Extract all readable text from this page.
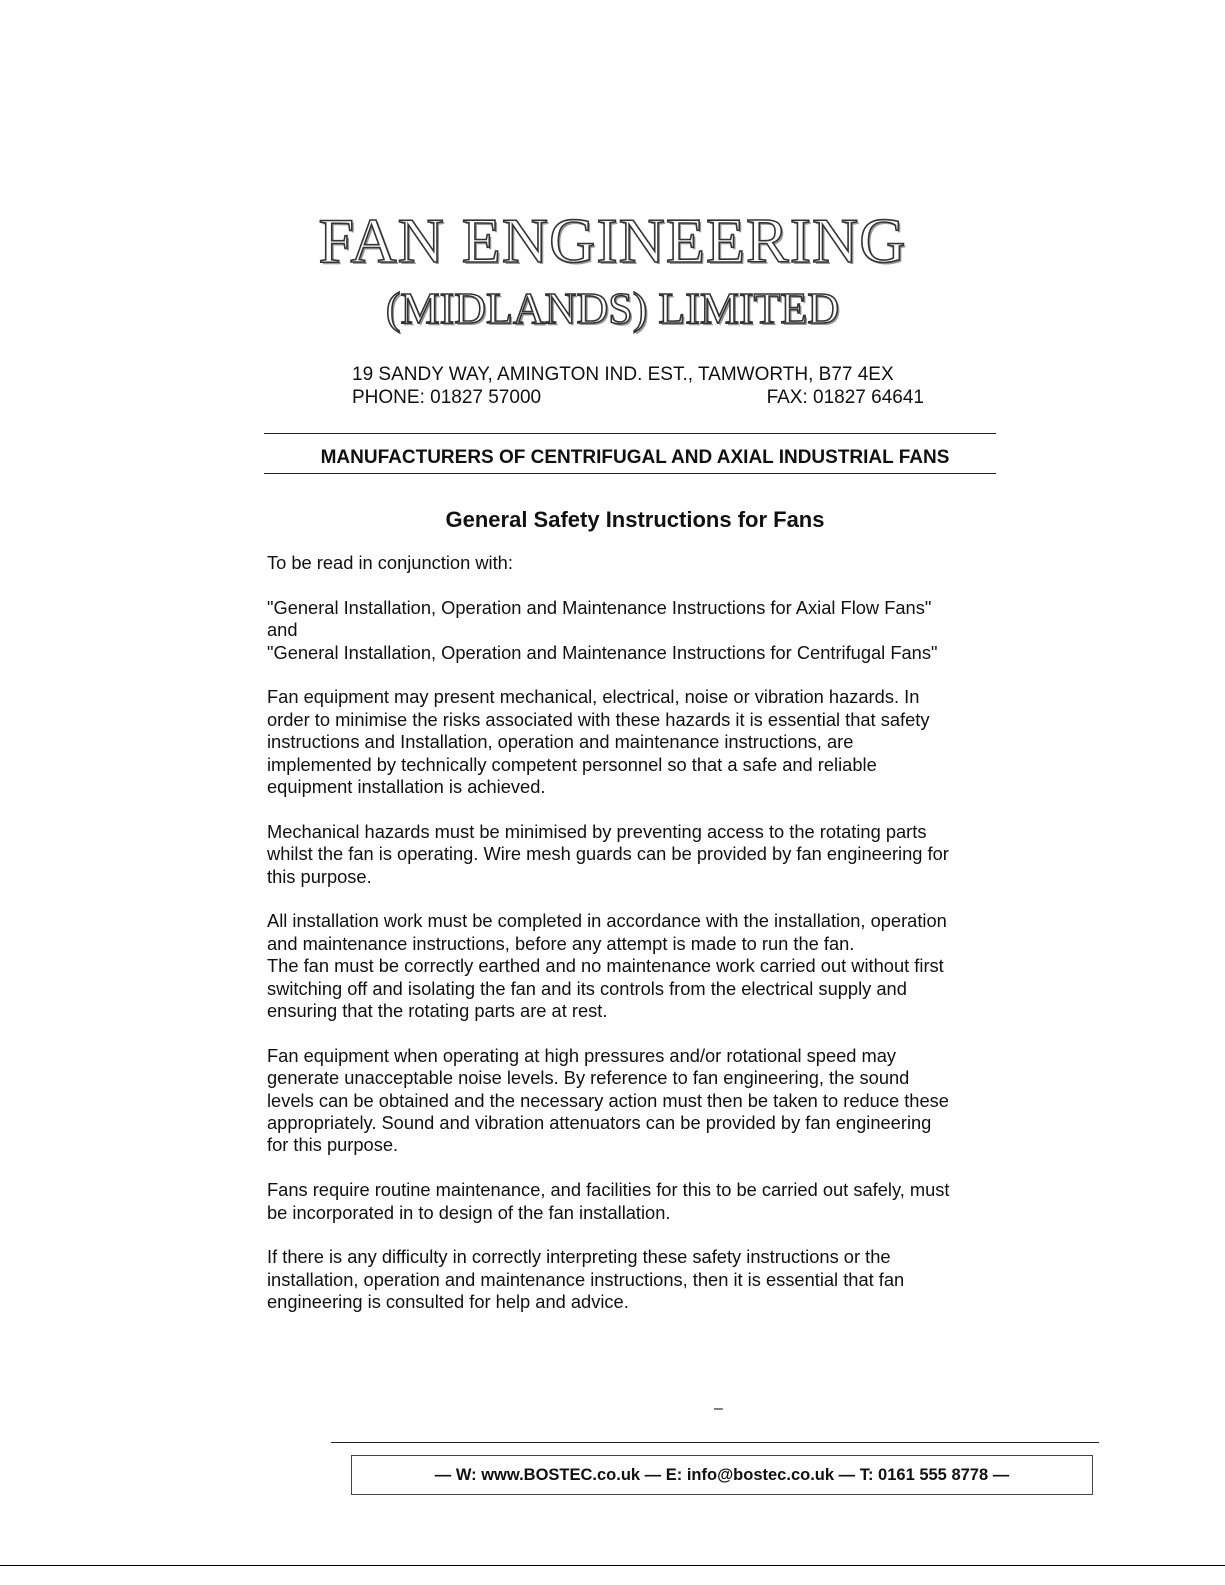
FAN ENGINEERING
(MIDLANDS) LIMITED
19 SANDY WAY, AMINGTON IND. EST., TAMWORTH, B77 4EX
PHONE: 01827 57000	FAX: 01827 64641
MANUFACTURERS OF CENTRIFUGAL AND AXIAL INDUSTRIAL FANS
General Safety Instructions for Fans

To be read in conjunction with:

"General Installation, Operation and Maintenance Instructions for Axial Flow Fans"
and
"General Installation, Operation and Maintenance Instructions for Centrifugal Fans"

Fan equipment may present mechanical, electrical, noise or vibration hazards. In
order to minimise the risks associated with these hazards it is essential that safety
instructions and Installation, operation and maintenance instructions, are
implemented by technically competent personnel so that a safe and reliable
equipment installation is achieved.

Mechanical hazards must be minimised by preventing access to the rotating parts
whilst the fan is operating. Wire mesh guards can be provided by fan engineering for
this purpose.

All installation work must be completed in accordance with the installation, operation
and maintenance instructions, before any attempt is made to run the fan.
The fan must be correctly earthed and no maintenance work carried out without first
switching off and isolating the fan and its controls from the electrical supply and
ensuring that the rotating parts are at rest.

Fan equipment when operating at high pressures and/or rotational speed may
generate unacceptable noise levels. By reference to fan engineering, the sound
levels can be obtained and the necessary action must then be taken to reduce these
appropriately. Sound and vibration attenuators can be provided by fan engineering
for this purpose.

Fans require routine maintenance, and facilities for this to be carried out safely, must
be incorporated in to design of the fan installation.

If there is any difficulty in correctly interpreting these safety instructions or the
installation, operation and maintenance instructions, then it is essential that fan
engineering is consulted for help and advice.

–
— W: www.BOSTEC.co.uk — E: info@bostec.co.uk — T: 0161 555 8778 —
